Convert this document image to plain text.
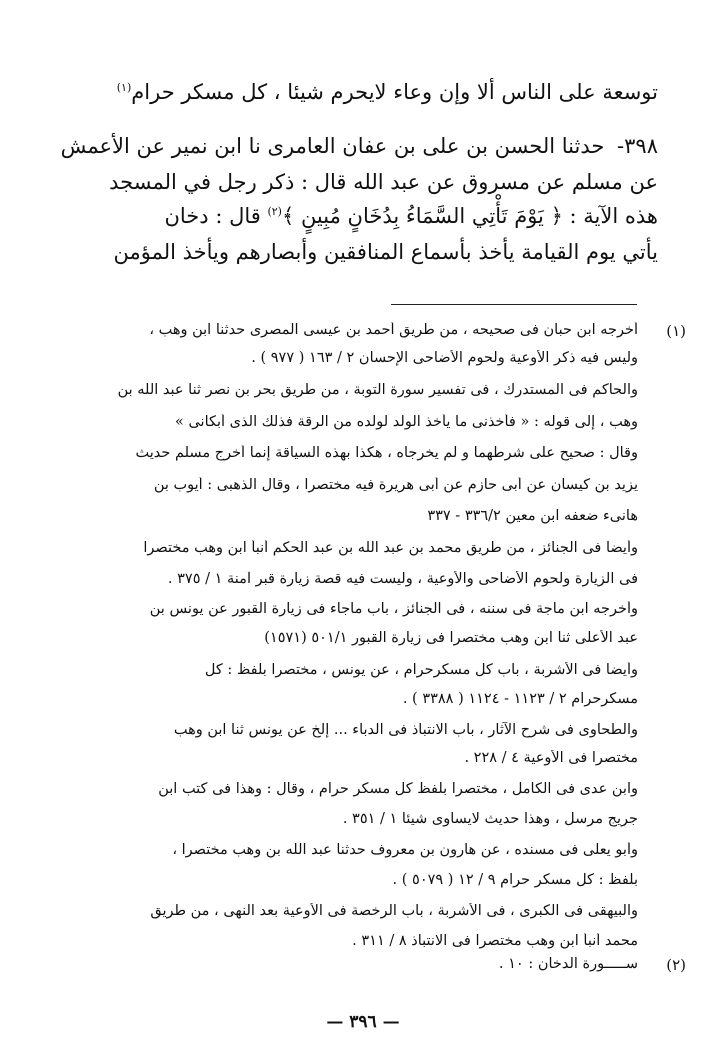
توسعة على الناس ألا وإن وعاء لايحرم شيئا ، كل مسكر حرام$^{(١)}$
٣٩٨- حدثنا الحسن بن على بن عفان العامرى نا ابن نمير عن الأعمش
عن مسلم عن مسروق عن عبد الله قال : ذكر رجل في المسجد
هذه الآية : ﴿ يَوْمَ تَأْتِي السَّمَاءُ بِدُخَانٍ مُبِينٍ ﴾$^{(٢)}$ قال : دخان
يأتي يوم القيامة يأخذ بأسماع المنافقين وأبصارهم ويأخذ المؤمن
(١)
أخرجه ابن حبان فى صحيحه ، من طريق أحمد بن عيسى المصرى حدثنا ابن وهب ،
وليس فيه ذكر الأوعية ولحوم الأضاحى الإحسان ٢ / ١٦٣ ( ٩٧٧ ) .
والحاكم فى المستدرك ، فى تفسير سورة التوبة ، من طريق بحر بن نصر ثنا عبد الله بن
وهب ، إلى قوله : « فأخذنى ما يأخذ الولد لولده من الرقة فذلك الذى أبكانى »
وقال : صحيح على شرطهما و لم يخرجاه ، هكذا بهذه السياقة إنما أخرج مسلم حديث
يزيد بن كيسان عن أبى حازم عن أبى هريرة فيه مختصرا ، وقال الذهبى : أيوب بن
هانىء ضعفه ابن معين ٣٣٦/٢ - ٣٣٧
وأيضا فى الجنائز ، من طريق محمد بن عبد الله بن عبد الحكم أنبأ ابن وهب مختصرا
فى الزيارة ولحوم الأضاحى والأوعية ، وليست فيه قصة زيارة قبر آمنة ١ / ٣٧٥ .
وأخرجه ابن ماجة فى سننه ، فى الجنائز ، باب ماجاء فى زيارة القبور عن يونس بن
عبد الأعلى ثنا ابن وهب مختصرا فى زيارة القبور ٥٠١/١ (١٥٧١)
وأيضا فى الأشربة ، باب كل مسكرحرام ، عن يونس ، مختصرا بلفظ : كل
مسكرحرام ٢ / ١١٢٣ - ١١٢٤ ( ٣٣٨٨ ) .
والطحاوى فى شرح الآثار ، باب الانتباذ فى الدباء ... إلخ عن يونس ثنا ابن وهب
مختصرا فى الأوعية ٤ / ٢٢٨ .
وابن عدى فى الكامل ، مختصرا بلفظ كل مسكر حرام ، وقال : وهذا فى كتب ابن
جريج مرسل ، وهذا حديث لايساوى شيئا ١ / ٣٥١ .
وأبو يعلى فى مسنده ، عن هارون بن معروف حدثنا عبد الله بن وهب مختصرا ،
بلفظ : كل مسكر حرام ٩ / ١٢ ( ٥٠٧٩ ) .
والبيهقى فى الكبرى ، فى الأشربة ، باب الرخصة فى الأوعية بعد النهى ، من طريق
محمد أنبأ ابن وهب مختصرا فى الانتباذ ٨ / ٣١١ .
(٢)
ســـــورة الدخان : ١٠ .
— ٣٩٦ —
